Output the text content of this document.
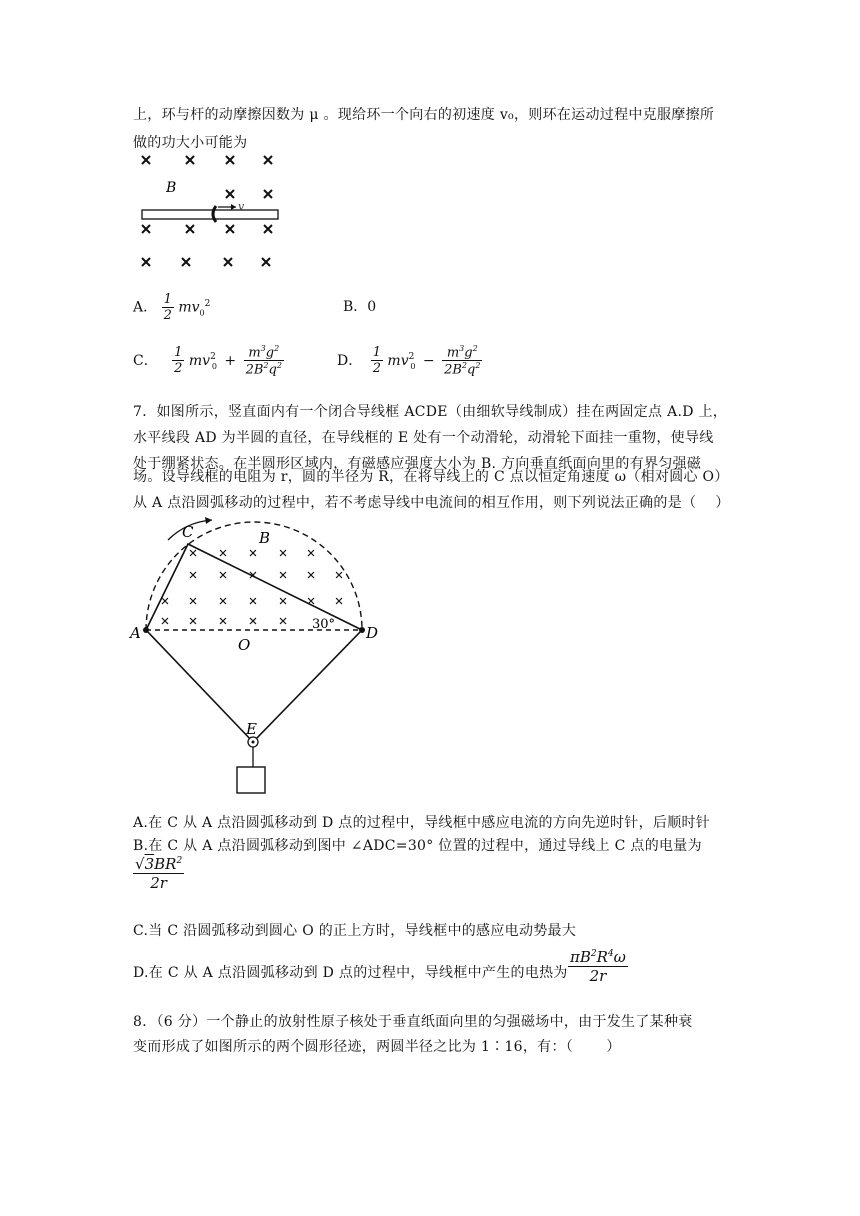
上，环与杆的动摩擦因数为 μ 。现给环一个向右的初速度 v₀，则环在运动过程中克服摩擦所
做的功大小可能为
B
v
A． $\frac{1}{2} mv_0^2$	B．0
C． $\frac{1}{2} mv^2_0 + \frac{m^3g^2}{2B^2q^2}$	D． $\frac{1}{2} mv^2_0 - \frac{m^3g^2}{2B^2q^2}$
7．如图所示，竖直面内有一个闭合导线框 ACDE（由细软导线制成）挂在两固定点 A.D 上，
水平线段 AD 为半圆的直径，在导线框的 E 处有一个动滑轮，动滑轮下面挂一重物，使导线
处于绷紧状态。在半圆形区域内，有磁感应强度大小为 B. 方向垂直纸面向里的有界匀强磁
场。设导线框的电阻为 r，圆的半径为 R，在将导线上的 C 点以恒定角速度 ω（相对圆心 O）
从 A 点沿圆弧移动的过程中，若不考虑导线中电流间的相互作用，则下列说法正确的是（　 ）
A	D
C	B
O
E
30°
A.在 C 从 A 点沿圆弧移动到 D 点的过程中，导线框中感应电流的方向先逆时针，后顺时针
B.在 C 从 A 点沿圆弧移动到图中 ∠ADC=30° 位置的过程中，通过导线上 C 点的电量为
$\frac{√3BR^2}{2r}$
C.当 C 沿圆弧移动到圆心 O 的正上方时，导线框中的感应电动势最大
D.在 C 从 A 点沿圆弧移动到 D 点的过程中，导线框中产生的电热为 $\frac{\pi B^2R^4\omega}{2r}$
8．（6 分）一个静止的放射性原子核处于垂直纸面向里的匀强磁场中，由于发生了某种衰
变而形成了如图所示的两个圆形径迹，两圆半径之比为 1∶16，有：（　　 ）
